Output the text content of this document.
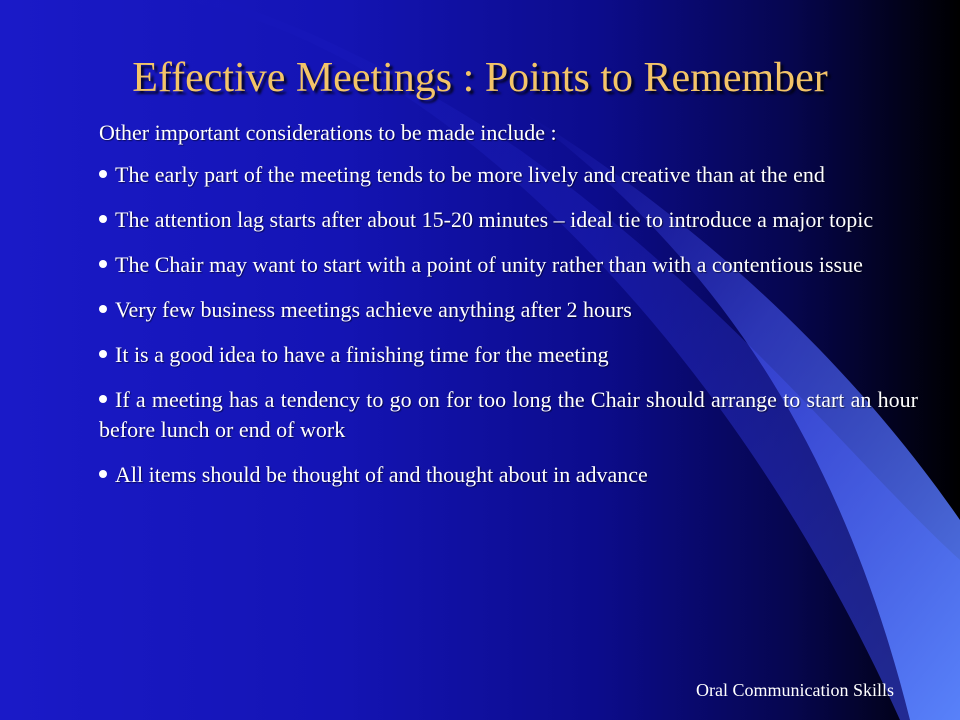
Effective Meetings : Points to Remember

Other important considerations to be made include :

The early part of the meeting tends to be more lively and creative than at the end
The attention lag starts after about 15-20 minutes – ideal tie to introduce a major topic
The Chair may want to start with a point of unity rather than with a contentious issue
Very few business meetings achieve anything after 2 hours
It is a good idea to have a finishing time for the meeting
If a meeting has a tendency to go on for too long the Chair should arrange to start an hour before lunch or end of work
All items should be thought of and thought about in advance
Oral Communication Skills
